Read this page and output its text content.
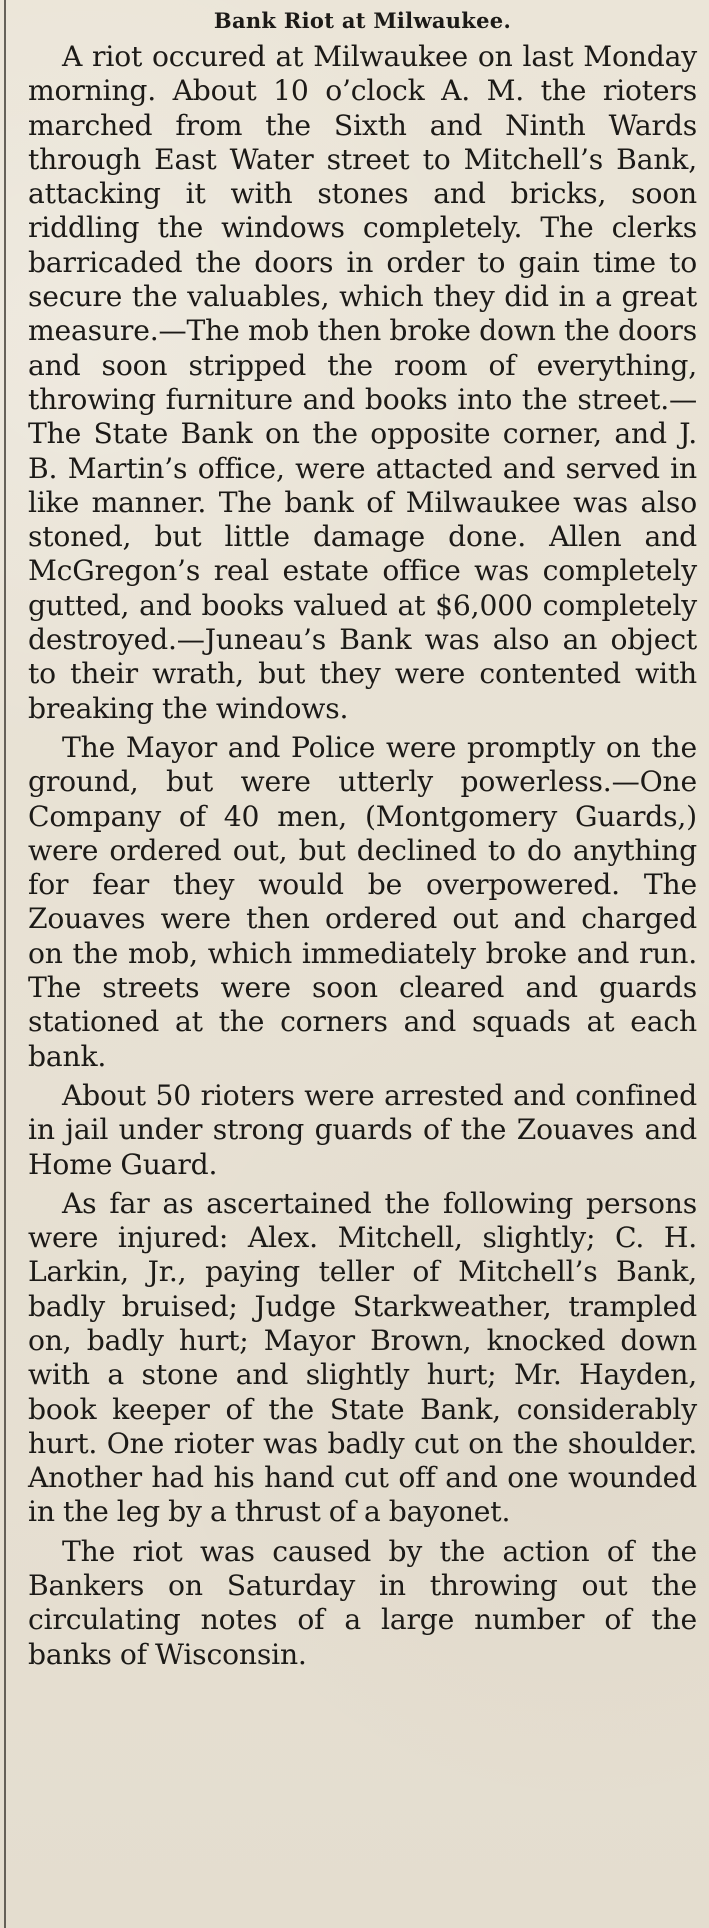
Bank Riot at Milwaukee.

A riot occured at Milwaukee on last Monday morning. About 10 o’clock A. M. the rioters marched from the Sixth and Ninth Wards through East Water street to Mitchell’s Bank, attacking it with stones and bricks, soon riddling the windows completely. The clerks barricaded the doors in order to gain time to secure the valuables, which they did in a great measure.—The mob then broke down the doors and soon stripped the room of everything, throwing furniture and books into the street.—The State Bank on the opposite corner, and J. B. Martin’s office, were attacted and served in like manner. The bank of Milwaukee was also stoned, but little damage done. Allen and McGregon’s real estate office was completely gutted, and books valued at $6,000 completely destroyed.—Juneau’s Bank was also an object to their wrath, but they were contented with breaking the windows.

The Mayor and Police were promptly on the ground, but were utterly powerless.—One Company of 40 men, (Montgomery Guards,) were ordered out, but declined to do anything for fear they would be overpowered. The Zouaves were then ordered out and charged on the mob, which immediately broke and run. The streets were soon cleared and guards stationed at the corners and squads at each bank.

About 50 rioters were arrested and confined in jail under strong guards of the Zouaves and Home Guard.

As far as ascertained the following persons were injured: Alex. Mitchell, slightly; C. H. Larkin, Jr., paying teller of Mitchell’s Bank, badly bruised; Judge Starkweather, trampled on, badly hurt; Mayor Brown, knocked down with a stone and slightly hurt; Mr. Hayden, book keeper of the State Bank, considerably hurt. One rioter was badly cut on the shoulder. Another had his hand cut off and one wounded in the leg by a thrust of a bayonet.

The riot was caused by the action of the Bankers on Saturday in throwing out the circulating notes of a large number of the banks of Wisconsin.
